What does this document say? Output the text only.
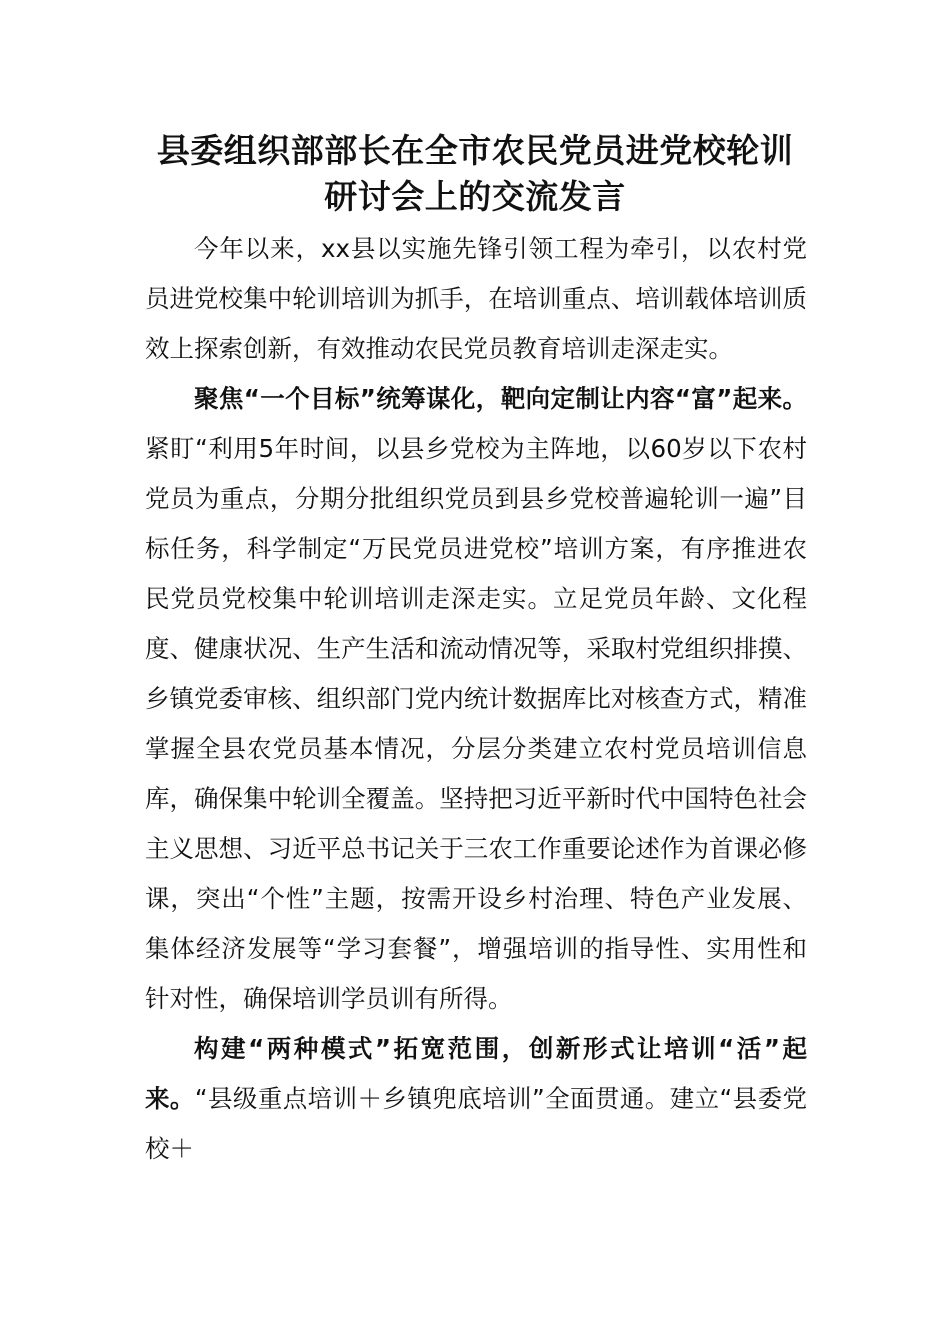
县委组织部部长在全市农民党员进党校轮训研讨会上的交流发言

今年以来，xx县以实施先锋引领工程为牵引，以农村党员进党校集中轮训培训为抓手，在培训重点、培训载体培训质效上探索创新，有效推动农民党员教育培训走深走实。

聚焦“一个目标”统筹谋化，靶向定制让内容“富”起来。紧盯“利用5年时间，以县乡党校为主阵地，以60岁以下农村党员为重点，分期分批组织党员到县乡党校普遍轮训一遍”目标任务，科学制定“万民党员进党校”培训方案，有序推进农民党员党校集中轮训培训走深走实。立足党员年龄、文化程度、健康状况、生产生活和流动情况等，采取村党组织排摸、乡镇党委审核、组织部门党内统计数据库比对核查方式，精准掌握全县农党员基本情况，分层分类建立农村党员培训信息库，确保集中轮训全覆盖。坚持把习近平新时代中国特色社会主义思想、习近平总书记关于三农工作重要论述作为首课必修课，突出“个性”主题，按需开设乡村治理、特色产业发展、集体经济发展等“学习套餐”，增强培训的指导性、实用性和针对性，确保培训学员训有所得。

构建“两种模式”拓宽范围，创新形式让培训“活”起来。“县级重点培训＋乡镇兜底培训”全面贯通。建立“县委党校＋
